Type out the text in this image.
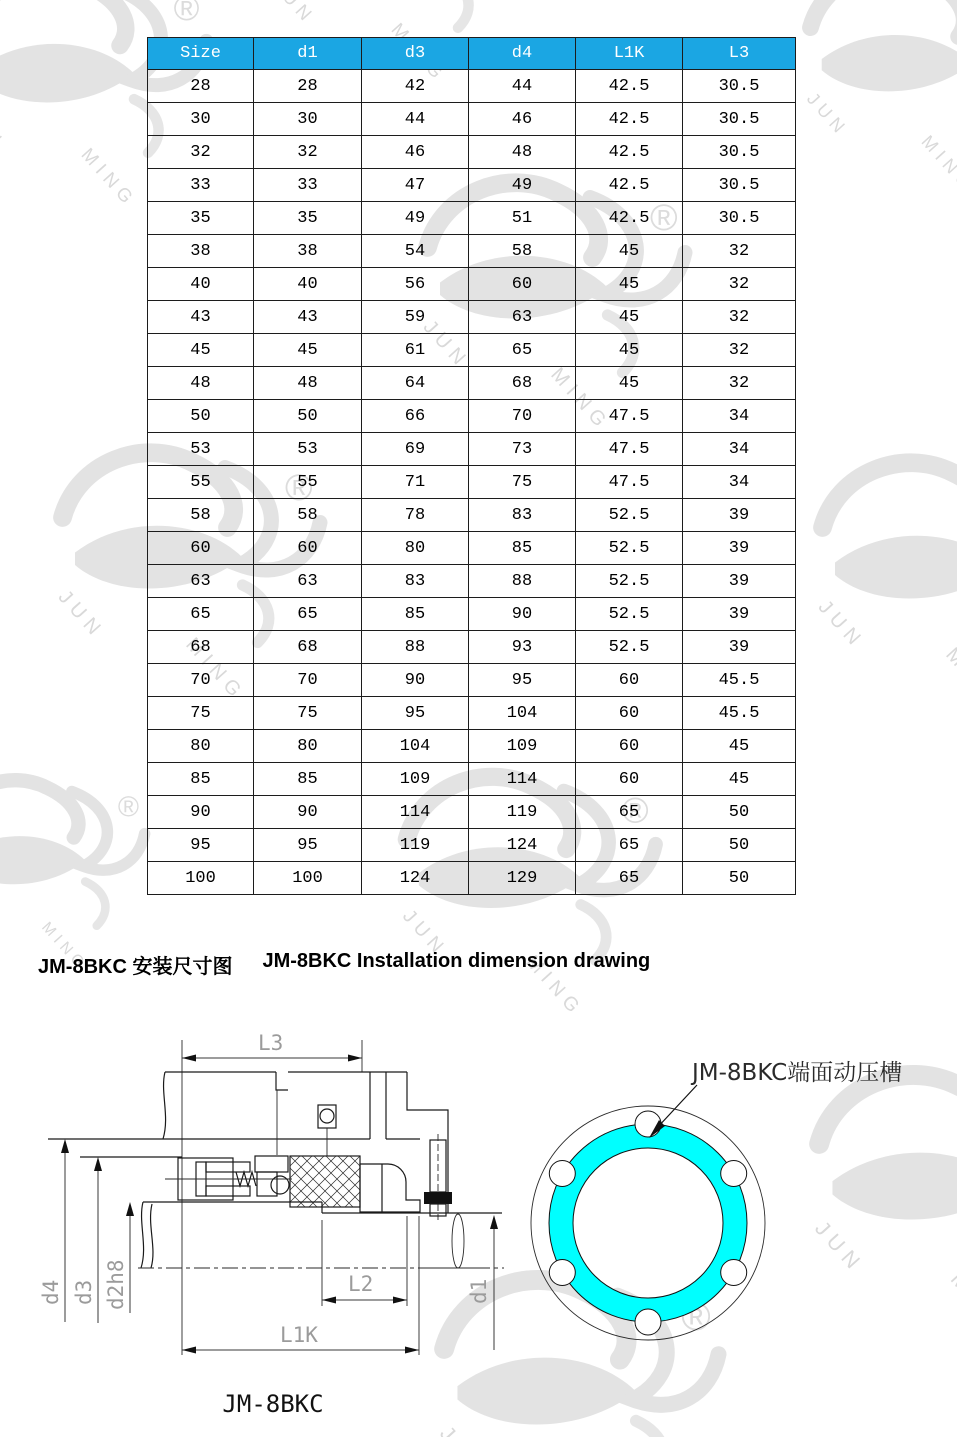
Size	d1	d3	d4	L1K	L3
28	28	42	44	42.5	30.5
30	30	44	46	42.5	30.5
32	32	46	48	42.5	30.5
33	33	47	49	42.5	30.5
35	35	49	51	42.5	30.5
38	38	54	58	45	32
40	40	56	60	45	32
43	43	59	63	45	32
45	45	61	65	45	32
48	48	64	68	45	32
50	50	66	70	47.5	34
53	53	69	73	47.5	34
55	55	71	75	47.5	34
58	58	78	83	52.5	39
60	60	80	85	52.5	39
63	63	83	88	52.5	39
65	65	85	90	52.5	39
68	68	88	93	52.5	39
70	70	90	95	60	45.5
75	75	95	104	60	45.5
80	80	104	109	60	45
85	85	109	114	60	45
90	90	114	119	65	50
95	95	119	124	65	50
100	100	124	129	65	50
JM-8BKC 安装尺寸图 JM-8BKC Installation dimension drawing
L3
d4 d3 d2h8	L2
L1K
d1
JM-8BKC
JM-8BKC端面动压槽
